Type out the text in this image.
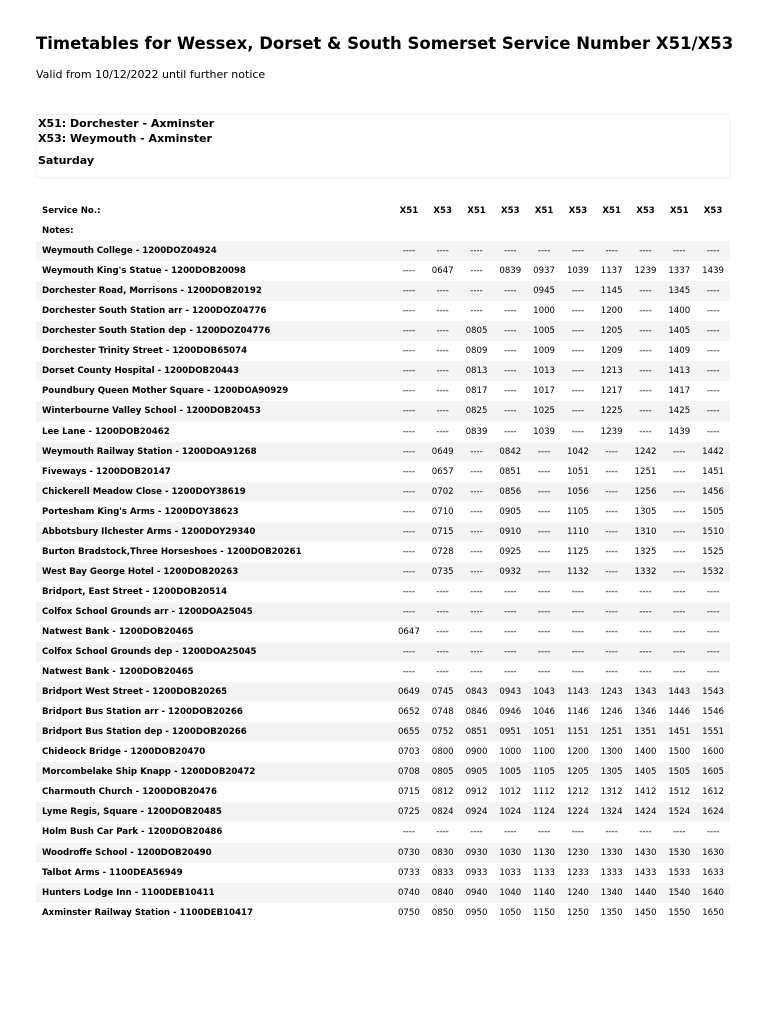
Timetables for Wessex, Dorset & South Somerset Service Number X51/X53

Valid from 10/12/2022 until further notice

X51: Dorchester - Axminster
X53: Weymouth - Axminster
Saturday
Service No.:	X51	X53	X51	X53	X51	X53	X51	X53	X51	X53
Notes:										
Weymouth College - 1200DOZ04924	----	----	----	----	----	----	----	----	----	----
Weymouth King's Statue - 1200DOB20098	----	0647	----	0839	0937	1039	1137	1239	1337	1439
Dorchester Road, Morrisons - 1200DOB20192	----	----	----	----	0945	----	1145	----	1345	----
Dorchester South Station arr - 1200DOZ04776	----	----	----	----	1000	----	1200	----	1400	----
Dorchester South Station dep - 1200DOZ04776	----	----	0805	----	1005	----	1205	----	1405	----
Dorchester Trinity Street - 1200DOB65074	----	----	0809	----	1009	----	1209	----	1409	----
Dorset County Hospital - 1200DOB20443	----	----	0813	----	1013	----	1213	----	1413	----
Poundbury Queen Mother Square - 1200DOA90929	----	----	0817	----	1017	----	1217	----	1417	----
Winterbourne Valley School - 1200DOB20453	----	----	0825	----	1025	----	1225	----	1425	----
Lee Lane - 1200DOB20462	----	----	0839	----	1039	----	1239	----	1439	----
Weymouth Railway Station - 1200DOA91268	----	0649	----	0842	----	1042	----	1242	----	1442
Fiveways - 1200DOB20147	----	0657	----	0851	----	1051	----	1251	----	1451
Chickerell Meadow Close - 1200DOY38619	----	0702	----	0856	----	1056	----	1256	----	1456
Portesham King's Arms - 1200DOY38623	----	0710	----	0905	----	1105	----	1305	----	1505
Abbotsbury Ilchester Arms - 1200DOY29340	----	0715	----	0910	----	1110	----	1310	----	1510
Burton Bradstock,Three Horseshoes - 1200DOB20261	----	0728	----	0925	----	1125	----	1325	----	1525
West Bay George Hotel - 1200DOB20263	----	0735	----	0932	----	1132	----	1332	----	1532
Bridport, East Street - 1200DOB20514	----	----	----	----	----	----	----	----	----	----
Colfox School Grounds arr - 1200DOA25045	----	----	----	----	----	----	----	----	----	----
Natwest Bank - 1200DOB20465	0647	----	----	----	----	----	----	----	----	----
Colfox School Grounds dep - 1200DOA25045	----	----	----	----	----	----	----	----	----	----
Natwest Bank - 1200DOB20465	----	----	----	----	----	----	----	----	----	----
Bridport West Street - 1200DOB20265	0649	0745	0843	0943	1043	1143	1243	1343	1443	1543
Bridport Bus Station arr - 1200DOB20266	0652	0748	0846	0946	1046	1146	1246	1346	1446	1546
Bridport Bus Station dep - 1200DOB20266	0655	0752	0851	0951	1051	1151	1251	1351	1451	1551
Chideock Bridge - 1200DOB20470	0703	0800	0900	1000	1100	1200	1300	1400	1500	1600
Morcombelake Ship Knapp - 1200DOB20472	0708	0805	0905	1005	1105	1205	1305	1405	1505	1605
Charmouth Church - 1200DOB20476	0715	0812	0912	1012	1112	1212	1312	1412	1512	1612
Lyme Regis, Square - 1200DOB20485	0725	0824	0924	1024	1124	1224	1324	1424	1524	1624
Holm Bush Car Park - 1200DOB20486	----	----	----	----	----	----	----	----	----	----
Woodroffe School - 1200DOB20490	0730	0830	0930	1030	1130	1230	1330	1430	1530	1630
Talbot Arms - 1100DEA56949	0733	0833	0933	1033	1133	1233	1333	1433	1533	1633
Hunters Lodge Inn - 1100DEB10411	0740	0840	0940	1040	1140	1240	1340	1440	1540	1640
Axminster Railway Station - 1100DEB10417	0750	0850	0950	1050	1150	1250	1350	1450	1550	1650
